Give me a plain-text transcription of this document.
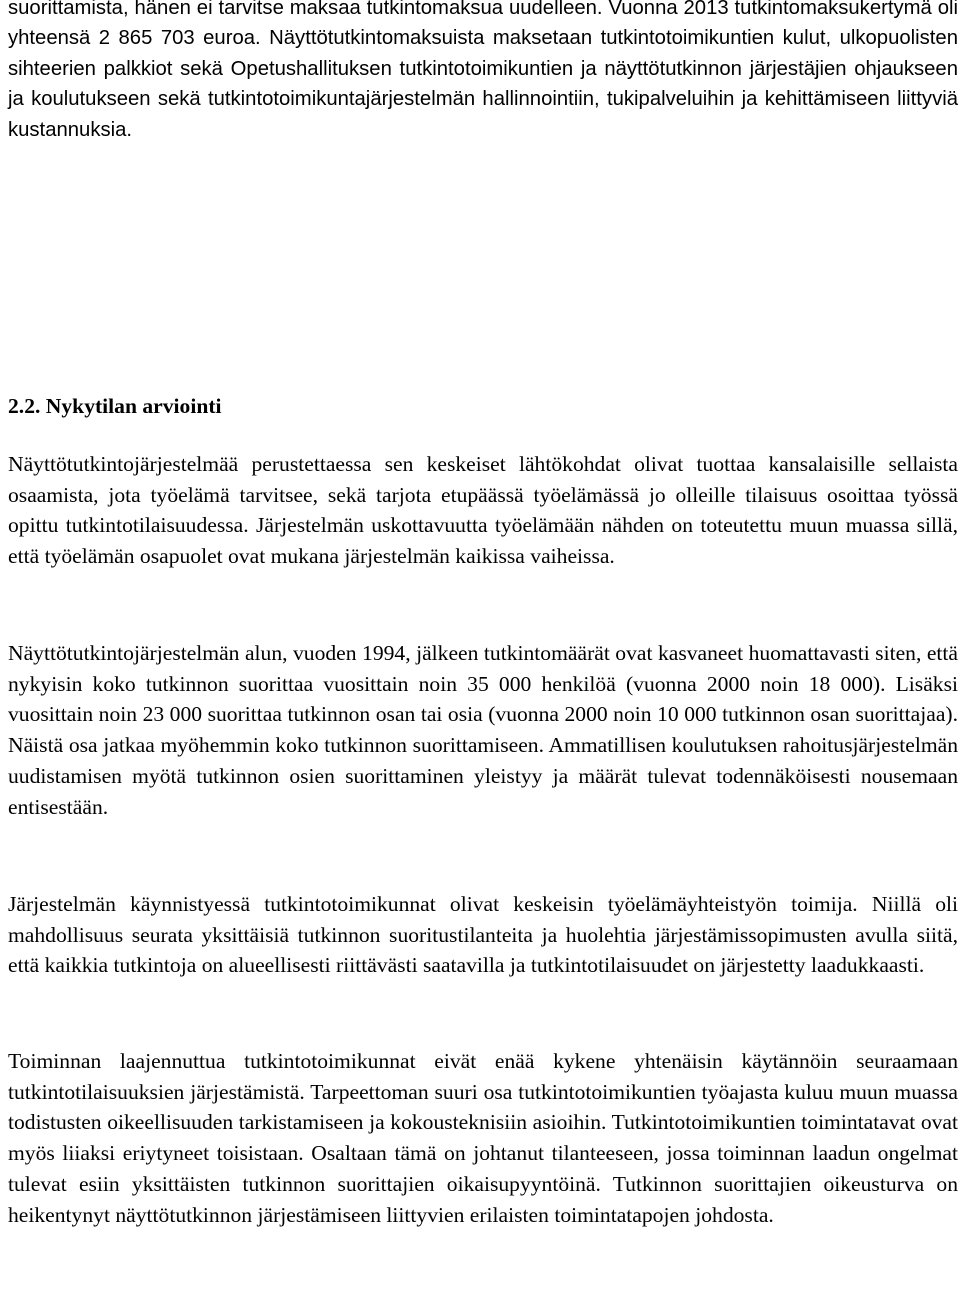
suorittamista, hänen ei tarvitse maksaa tutkintomaksua uudelleen. Vuonna 2013 tutkintomaksukertymä oli yhteensä 2 865 703 euroa. Näyttötutkintomaksuista maksetaan tutkintotoimikuntien kulut, ulkopuolisten sihteerien palkkiot sekä Opetushallituksen tutkintotoimikuntien ja näyttötutkinnon järjestäjien ohjaukseen ja koulutukseen sekä tutkintotoimikuntajärjestelmän hallinnointiin, tukipalveluihin ja kehittämiseen liittyviä kustannuksia.

2.2. Nykytilan arviointi

Näyttötutkintojärjestelmää perustettaessa sen keskeiset lähtökohdat olivat tuottaa kansalaisille sellaista osaamista, jota työelämä tarvitsee, sekä tarjota etupäässä työelämässä jo olleille tilaisuus osoittaa työssä opittu tutkintotilaisuudessa. Järjestelmän uskottavuutta työelämään nähden on toteutettu muun muassa sillä, että työelämän osapuolet ovat mukana järjestelmän kaikissa vaiheissa.

Näyttötutkintojärjestelmän alun, vuoden 1994, jälkeen tutkintomäärät ovat kasvaneet huomattavasti siten, että nykyisin koko tutkinnon suorittaa vuosittain noin 35 000 henkilöä (vuonna 2000 noin 18 000). Lisäksi vuosittain noin 23 000 suorittaa tutkinnon osan tai osia (vuonna 2000 noin 10 000 tutkinnon osan suorittajaa). Näistä osa jatkaa myöhemmin koko tutkinnon suorittamiseen. Ammatillisen koulutuksen rahoitusjärjestelmän uudistamisen myötä tutkinnon osien suorittaminen yleistyy ja määrät tulevat todennäköisesti nousemaan entisestään.

Järjestelmän käynnistyessä tutkintotoimikunnat olivat keskeisin työelämäyhteistyön toimija. Niillä oli mahdollisuus seurata yksittäisiä tutkinnon suoritustilanteita ja huolehtia järjestämissopimusten avulla siitä, että kaikkia tutkintoja on alueellisesti riittävästi saatavilla ja tutkintotilaisuudet on järjestetty laadukkaasti.

Toiminnan laajennuttua tutkintotoimikunnat eivät enää kykene yhtenäisin käytännöin seuraamaan tutkintotilaisuuksien järjestämistä. Tarpeettoman suuri osa tutkintotoimikuntien työajasta kuluu muun muassa todistusten oikeellisuuden tarkistamiseen ja kokousteknisiin asioihin. Tutkintotoimikuntien toimintatavat ovat myös liiaksi eriytyneet toisistaan. Osaltaan tämä on johtanut tilanteeseen, jossa toiminnan laadun ongelmat tulevat esiin yksittäisten tutkinnon suorittajien oikaisupyyntöinä. Tutkinnon suorittajien oikeusturva on heikentynyt näyttötutkinnon järjestämiseen liittyvien erilaisten toimintatapojen johdosta.
